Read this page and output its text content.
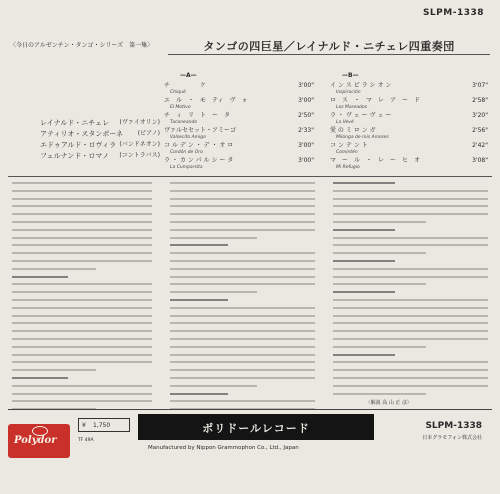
SLPM-1338
〈今日のアルゼンチン・タンゴ・シリーズ　第一集〉	タンゴの四巨星／レイナルド・ニチェレ四重奏団
—A—
チ　　　　　ケ
Chiqué
3'00"
エ　ル　・　モ　ティ　ヴ　ォ
El Motivo
3'00"
チ　ィ　リ　ト　ー　タ
Taconeando
2'50"
ヴァルセセット・アミーゴ
Valsecito Amigo
2'33"
コ ル デ ン ・ デ ・ オ ロ
Cordón de Oro
3'00"
ラ ・ カ ン パ ル シ ー タ
La Cumparsita
3'00"
—B—
イ ン ス ピ ラ シ オ ン
Inspiración
3'07"
ロ　ス　・　マ　レ　ア　ー　ド
Los Mareados
2'58"
ラ ・ ヴ ェ ー ヴ ェ ー
La Vevé
3'20"
愛 の ミ ロ ン ガ
Milonga de mis Amores
2'56"
コ ン テ ン ト
Comintén
2'42"
マ　ー　ル　・　レ　ー　ヒ　オ
Mi Refugio
3'08"
レイナルド・ニチェレ (ヴァイオリン)
アティリオ・スタンポーネ (ピアノ)
エドゥアルド・ロヴィラ (バンドネオン)
フェルナンド・ロマノ (コントラバス)
〈解説 高 山 正 彦〉
Polydor
¥ 1,750
TF 49A
ポリドールレコード
Manufactured by Nippon Grammophon Co., Ltd., Japan
SLPM-1338
日本グラモフォン株式会社
